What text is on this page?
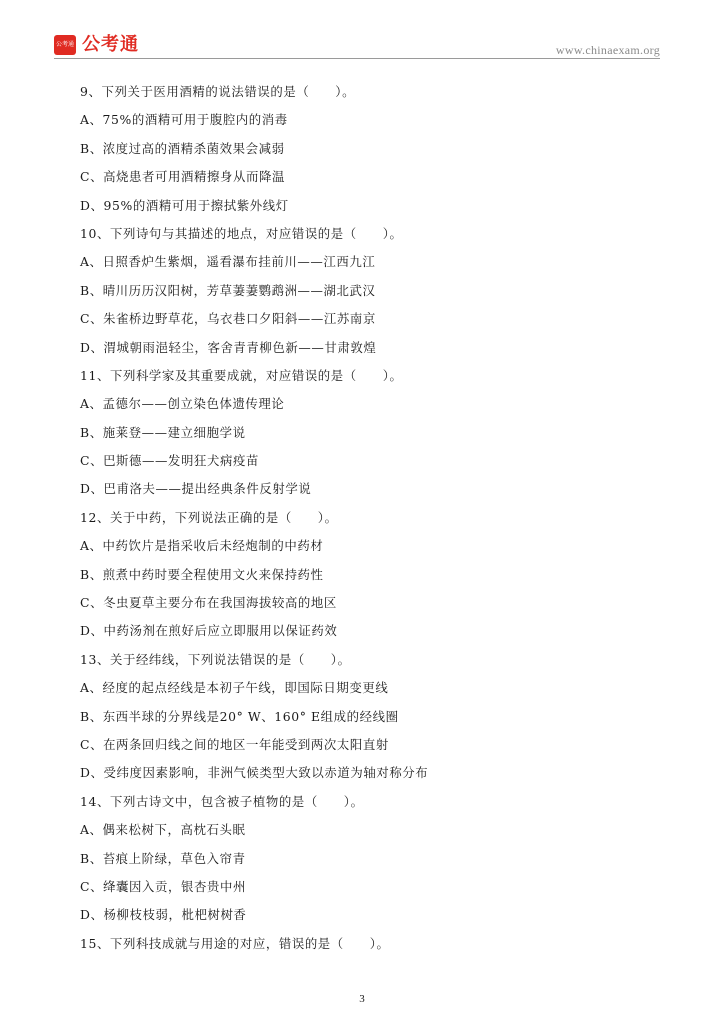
公考通 公考通	www.chinaexam.org
9、下列关于医用酒精的说法错误的是（　　）。
A、75%的酒精可用于腹腔内的消毒
B、浓度过高的酒精杀菌效果会减弱
C、高烧患者可用酒精擦身从而降温
D、95%的酒精可用于擦拭紫外线灯
10、下列诗句与其描述的地点，对应错误的是（　　）。
A、日照香炉生紫烟，遥看瀑布挂前川——江西九江
B、晴川历历汉阳树，芳草萋萋鹦鹉洲——湖北武汉
C、朱雀桥边野草花，乌衣巷口夕阳斜——江苏南京
D、渭城朝雨浥轻尘，客舍青青柳色新——甘肃敦煌
11、下列科学家及其重要成就，对应错误的是（　　）。
A、孟德尔——创立染色体遗传理论
B、施莱登——建立细胞学说
C、巴斯德——发明狂犬病疫苗
D、巴甫洛夫——提出经典条件反射学说
12、关于中药，下列说法正确的是（　　）。
A、中药饮片是指采收后未经炮制的中药材
B、煎煮中药时要全程使用文火来保持药性
C、冬虫夏草主要分布在我国海拔较高的地区
D、中药汤剂在煎好后应立即服用以保证药效
13、关于经纬线，下列说法错误的是（　　）。
A、经度的起点经线是本初子午线，即国际日期变更线
B、东西半球的分界线是20° W、160° E组成的经线圈
C、在两条回归线之间的地区一年能受到两次太阳直射
D、受纬度因素影响，非洲气候类型大致以赤道为轴对称分布
14、下列古诗文中，包含被子植物的是（　　）。
A、偶来松树下，高枕石头眠
B、苔痕上阶绿，草色入帘青
C、绛囊因入贡，银杏贵中州
D、杨柳枝枝弱，枇杷树树香
15、下列科技成就与用途的对应，错误的是（　　）。
3
